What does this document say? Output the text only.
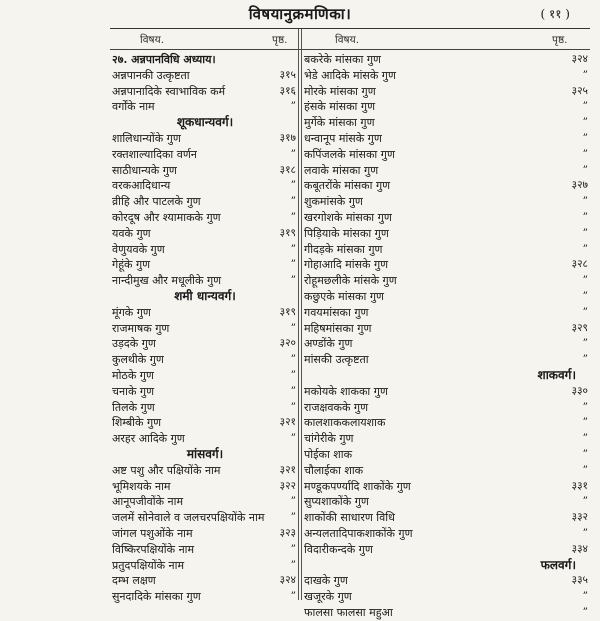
विषयानुक्रमणिका।	( ११ )
विषय.	पृष्ठ.	विषय.	पृष्ठ.
२७. अन्नपानविधि अध्याय।
अन्नपानकी उत्कृष्टता	३१५
अन्नपानादिके स्वाभाविक कर्म	३१६
वर्गोंके नाम	”
शूकधान्यवर्ग।
शालिधान्योंके गुण	३१७
रक्तशाल्यादिका वर्णन	”
साठीधान्यके गुण	३१८
वरकआदिधान्य	”
व्रीहि और पाटलके गुण	”
कोरदूष और श्यामाकके गुण	”
यवके गुण	३१९
वेणुयवके गुण	”
गेहूंके गुण	”
नान्दीमुख और मधूलीके गुण	”
शमी धान्यवर्ग।
मूंगके गुण	३१९
राजमाषक गुण	”
उड़दके गुण	३२०
कुलथीके गुण	”
मोठके गुण	”
चनाके गुण	”
तिलके गुण	”
शिम्बीके गुण	३२१
अरहर आदिके गुण	”
मांसवर्ग।
अष्ट पशु और पक्षियोंके नाम	३२१
भूमिशयके नाम	३२२
आनूपजीवोंके नाम	”
जलमें सोनेवाले व जलचरपक्षियोंके नाम ”
जांगल पशुओंके नाम	३२३
विष्किरपक्षियोंके नाम	”
प्रतुदपक्षियोंके नाम	”
दम्भ लक्षण	३२४
सुनदादिके मांसका गुण	”
बकरेके मांसका गुण	३२४
भेडे आदिके मांसके गुण	”
मोरके मांसका गुण	३२५
हंसके मांसका गुण	”
मुर्गेके मांसका गुण	”
धन्वानूप मांसके गुण	”
कपिंजलके मांसका गुण	”
लवाके मांसका गुण	”
कबूतरोंके मांसका गुण	३२७
शुकमांसके गुण	”
खरगोशके मांसका गुण	”
पिड़ियाके मांसका गुण	”
गीदड़के मांसका गुण	”
गोहाआदि मांसके गुण	३२८
रोहूमछलीके मांसके गुण	”
कछुएके मांसका गुण	”
गवयमांसका गुण	”
महिषमांसका गुण	३२९
अण्डोंके गुण	”
मांसकी उत्कृष्टता	”
शाकवर्ग।
मकोयके शाकका गुण	३३०
राजक्षवकके गुण	”
कालशाककलायशाक	”
चांगेरीके गुण	”
पोईका शाक	”
चौलाईका शाक	”
मण्डूकपर्ण्यादि शाकोंके गुण	३३१
सुप्यशाकोंके गुण	”
शाकोंकी साधारण विधि	३३२
अन्यलतादिपाकशाकोंके गुण	”
विदारीकन्दके गुण	३३४
फलवर्ग।
दाखके गुण	३३५
खजूरके गुण	”
फालसा फालसा महुआ	”
